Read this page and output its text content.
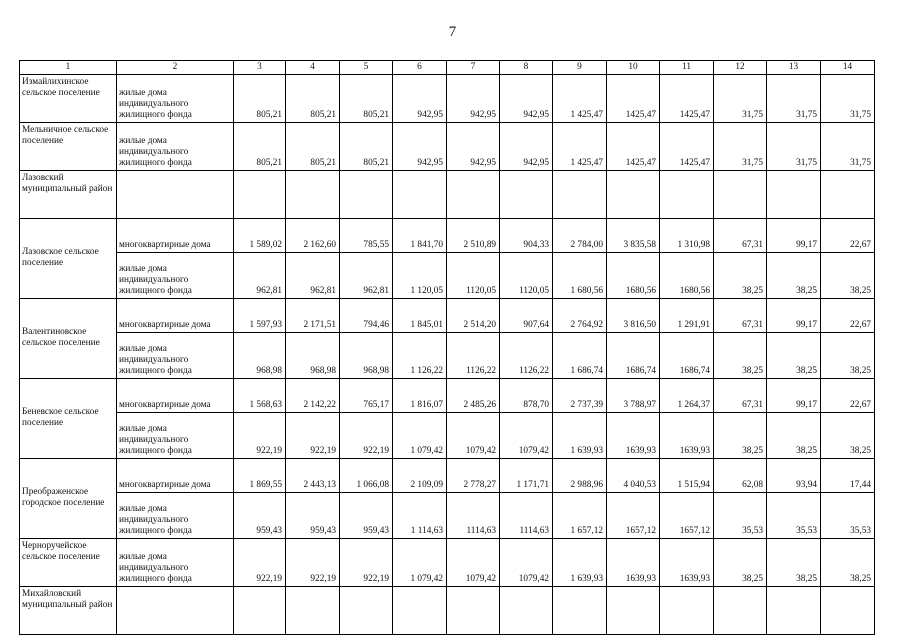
7
1	2	3	4	5	6	7	8	9	10	11	12	13	14
Измайлихинское сельское поселение	жилые дома индивидуального жилищного фонда	805,21	805,21	805,21	942,95	942,95	942,95	1 425,47	1425,47	1425,47	31,75	31,75	31,75
Мельничное сельское поселение	жилые дома индивидуального жилищного фонда	805,21	805,21	805,21	942,95	942,95	942,95	1 425,47	1425,47	1425,47	31,75	31,75	31,75
Лазовский муниципальный район													
Лазовское сельское поселение	многоквартирные дома	1 589,02	2 162,60	785,55	1 841,70	2 510,89	904,33	2 784,00	3 835,58	1 310,98	67,31	99,17	22,67
	жилые дома индивидуального жилищного фонда	962,81	962,81	962,81	1 120,05	1120,05	1120,05	1 680,56	1680,56	1680,56	38,25	38,25	38,25
Валентиновское сельское поселение	многоквартирные дома	1 597,93	2 171,51	794,46	1 845,01	2 514,20	907,64	2 764,92	3 816,50	1 291,91	67,31	99,17	22,67
	жилые дома индивидуального жилищного фонда	968,98	968,98	968,98	1 126,22	1126,22	1126,22	1 686,74	1686,74	1686,74	38,25	38,25	38,25
Беневское сельское поселение	многоквартирные дома	1 568,63	2 142,22	765,17	1 816,07	2 485,26	878,70	2 737,39	3 788,97	1 264,37	67,31	99,17	22,67
	жилые дома индивидуального жилищного фонда	922,19	922,19	922,19	1 079,42	1079,42	1079,42	1 639,93	1639,93	1639,93	38,25	38,25	38,25
Преображенское городское поселение	многоквартирные дома	1 869,55	2 443,13	1 066,08	2 109,09	2 778,27	1 171,71	2 988,96	4 040,53	1 515,94	62,08	93,94	17,44
	жилые дома индивидуального жилищного фонда	959,43	959,43	959,43	1 114,63	1114,63	1114,63	1 657,12	1657,12	1657,12	35,53	35,53	35,53
Черноручейское сельское поселение	жилые дома индивидуального жилищного фонда	922,19	922,19	922,19	1 079,42	1079,42	1079,42	1 639,93	1639,93	1639,93	38,25	38,25	38,25
Михайловский муниципальный район													
